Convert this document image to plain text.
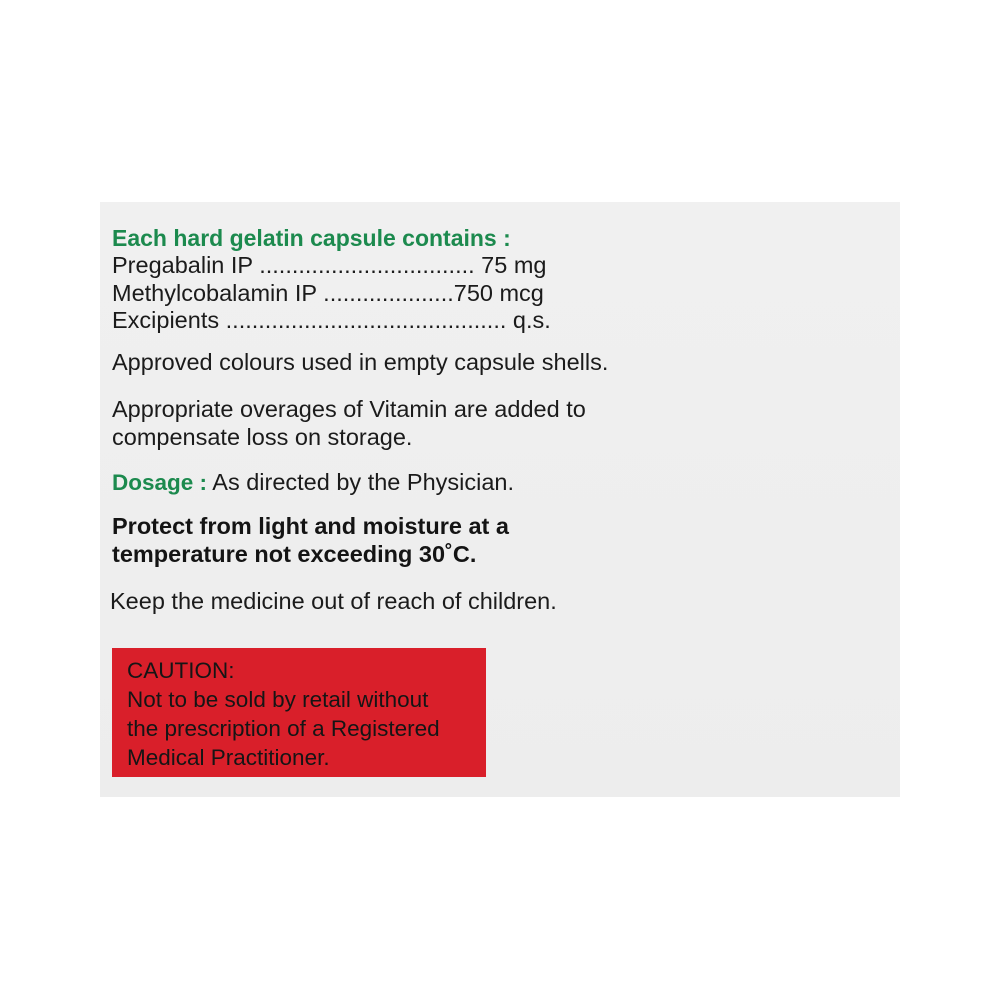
Each hard gelatin capsule contains :
Pregabalin IP ................................. 75 mg
Methylcobalamin IP ....................750 mcg
Excipients ........................................... q.s.
Approved colours used in empty capsule shells.
Appropriate overages of Vitamin are added to
compensate loss on storage.
Dosage : As directed by the Physician.
Protect from light and moisture at a
temperature not exceeding 30˚C.
Keep the medicine out of reach of children.
CAUTION:
Not to be sold by retail without
the prescription of a Registered
Medical Practitioner.
